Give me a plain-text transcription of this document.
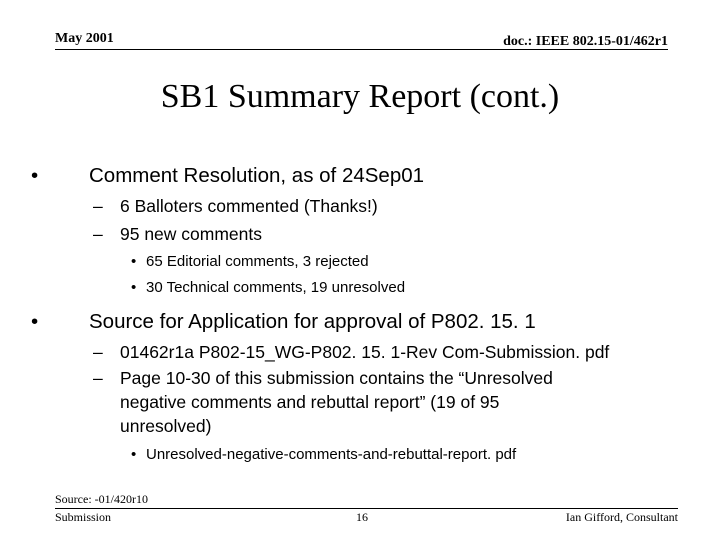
May 2001	doc.: IEEE 802.15-01/462r1
SB1 Summary Report (cont.)
• Comment Resolution, as of 24Sep01
– 6 Balloters commented (Thanks!)
– 95 new comments
• 65 Editorial comments, 3 rejected
• 30 Technical comments, 19 unresolved
• Source for Application for approval of P802. 15. 1
– 01462r1a P802-15_WG-P802. 15. 1-Rev Com-Submission. pdf
– Page 10-30 of this submission contains the “Unresolved
negative comments and rebuttal report” (19 of 95
unresolved)
• Unresolved-negative-comments-and-rebuttal-report. pdf
Source: -01/420r10
Submission	16	Ian Gifford, Consultant
